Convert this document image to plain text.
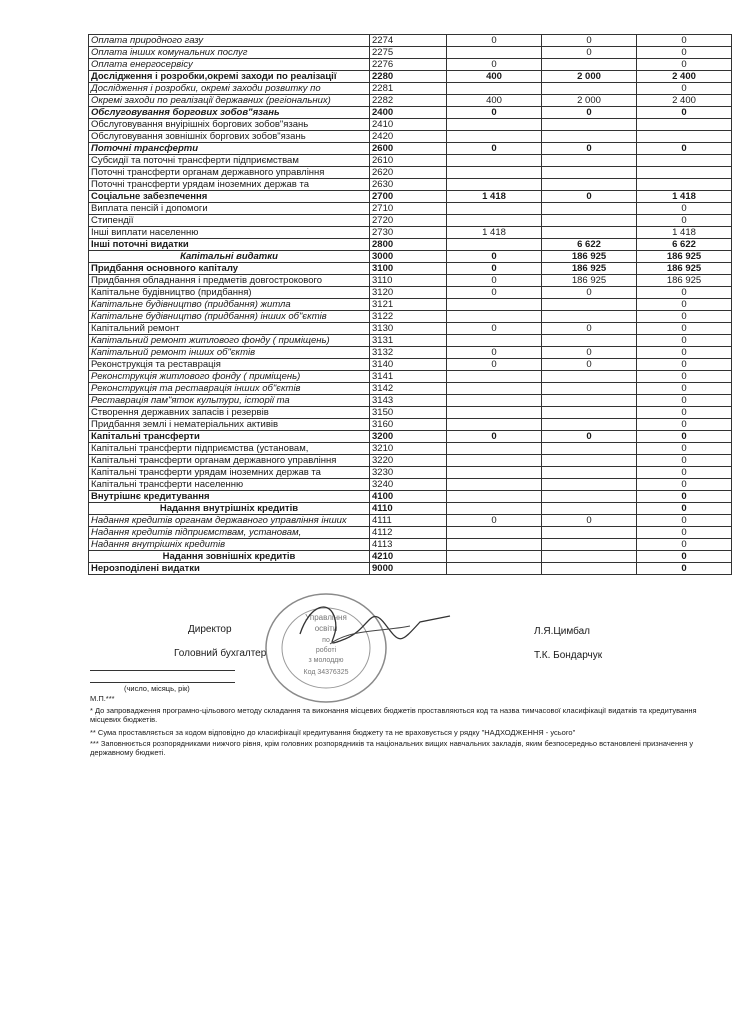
Оплата природного газу	2274	0	0	0
Оплата інших комунальних послуг	2275		0	0
Оплата енергосервісу	2276	0		0
Дослідження і розробки,окремі заходи по реалізації	2280	400	2 000	2 400
Дослідження і розробки, окремі заходи розвитку по	2281			0
Окремі заходи по реалізації державних (регіональних)	2282	400	2 000	2 400
Обслуговування боргових зобов"язань	2400	0	0	0
Обслуговування внуірішніх боргових зобов"язань	2410			
Обслуговування зовнішніх боргових зобов"язань	2420			
Поточні трансферти	2600	0	0	0
Субсидії та поточні трансферти підприємствам	2610			
Поточні трансферти органам державного управління	2620			
Поточні трансферти урядам іноземних держав та	2630			
Соціальне забезпечення	2700	1 418	0	1 418
Виплата пенсій і допомоги	2710			0
Стипендії	2720			0
Інші виплати населенню	2730	1 418		1 418
Інші поточні видатки	2800		6 622	6 622
Капітальні видатки	3000	0	186 925	186 925
Придбання основного капіталу	3100	0	186 925	186 925
Придбання обладнання і предметів довгострокового	3110	0	186 925	186 925
Капітальне будівництво (придбання)	3120	0	0	0
Капітальне будівництво (придбання) житла	3121			0
Капітальне будівництво (придбання) інших об"єктів	3122			0
Капітальний ремонт	3130	0	0	0
Капітальний ремонт житлового фонду ( приміщень)	3131			0
Капітальний ремонт інших об"єктів	3132	0	0	0
Реконструкція та реставрація	3140	0	0	0
Реконструкція житлового фонду ( приміщень)	3141			0
Реконструкція та реставрація інших об"єктів	3142			0
Реставрація пам"яток культури, історії та	3143			0
Створення державних запасів і резервів	3150			0
Придбання землі і нематеріальних активів	3160			0
Капітальні трансферти	3200	0	0	0
Капітальні трансферти підприємства (установам,	3210			0
Капітальні трансферти органам державного управління	3220			0
Капітальні трансферти урядам іноземних держав та	3230			0
Капітальні трансферти населенню	3240			0
Внутрішнє кредитування	4100			0
Надання внутрішніх кредитів	4110			0
Надання кредитів органам державного управління інших	4111	0	0	0
Надання кредитів підприємствам, установам,	4112			0
Надання внутрішніх кредитів	4113			0
Надання зовнішніх кредитів	4210			0
Нерозподілені видатки	9000			0
Директор	Л.Я.Цимбал
Головний бухгалтер	Т.К. Бондарчук
(число, місяць, рік)
М.П.***
Управління
освіти
по
роботі
з молоддю
Код 34376325
* До запровадження програмно-цільового методу складання та виконання місцевих бюджетів проставляються код та назва тимчасової класифікації видатків та кредитування місцевих бюджетів.
** Сума проставляється за кодом відповідно до класифікації кредитування бюджету та не враховується у рядку "НАДХОДЖЕННЯ - усього"
*** Заповнюється розпорядниками нижчого рівня, крім головних розпорядників та національних вищих навчальних закладів, яким безпосередньо встановлені призначення у державному бюджеті.
